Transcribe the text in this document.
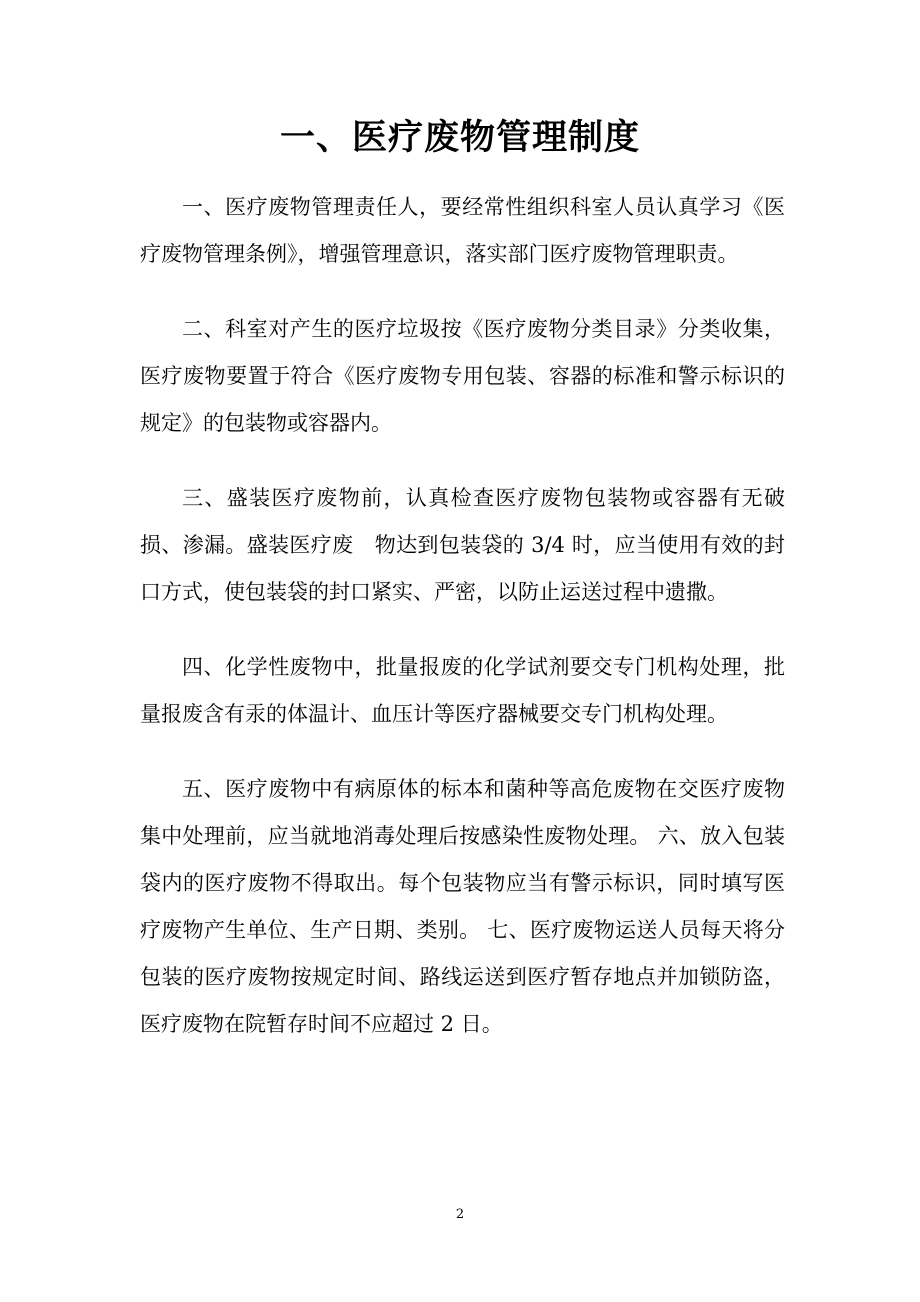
一、医疗废物管理制度

一、医疗废物管理责任人，要经常性组织科室人员认真学习《医疗废物管理条例》，增强管理意识，落实部门医疗废物管理职责。

二、科室对产生的医疗垃圾按《医疗废物分类目录》分类收集，医疗废物要置于符合《医疗废物专用包装、容器的标准和警示标识的规定》的包装物或容器内。

三、盛装医疗废物前，认真检查医疗废物包装物或容器有无破损、渗漏。盛装医疗废　物达到包装袋的 3/4 时，应当使用有效的封口方式，使包装袋的封口紧实、严密，以防止运送过程中遗撒。

四、化学性废物中，批量报废的化学试剂要交专门机构处理，批量报废含有汞的体温计、血压计等医疗器械要交专门机构处理。

五、医疗废物中有病原体的标本和菌种等高危废物在交医疗废物集中处理前，应当就地消毒处理后按感染性废物处理。 六、放入包装袋内的医疗废物不得取出。每个包装物应当有警示标识，同时填写医疗废物产生单位、生产日期、类别。 七、医疗废物运送人员每天将分包装的医疗废物按规定时间、路线运送到医疗暂存地点并加锁防盗，医疗废物在院暂存时间不应超过 2 日。

2
